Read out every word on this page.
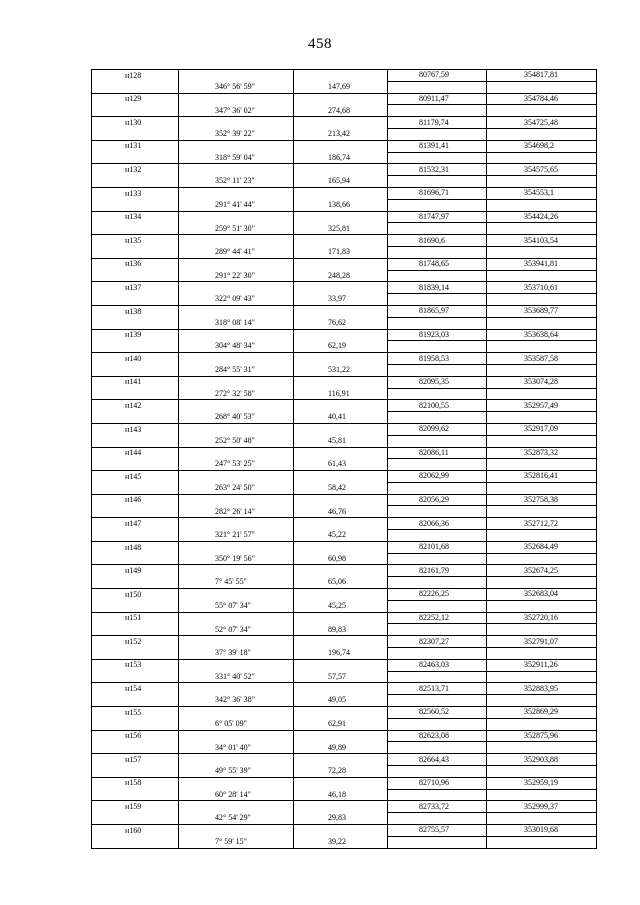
458
н128			80767,59	354817,81
	346° 56' 59"	147,69		
н129			80911,47	354784,46
	347° 36' 02"	274,68		
н130			81179,74	354725,48
	352° 39' 22"	213,42		
н131			81391,41	354698,2
	318° 59' 04"	186,74		
н132			81532,31	354575,65
	352° 11' 23"	165,94		
н133			81696,71	354553,1
	291° 41' 44"	138,66		
н134			81747,97	354424,26
	259° 51' 30"	325,81		
н135			81690,6	354103,54
	289° 44' 41"	171,83		
н136			81748,65	353941,81
	291° 22' 30"	248,28		
н137			81839,14	353710,61
	322° 09' 43"	33,97		
н138			81865,97	353689,77
	318° 08' 14"	76,62		
н139			81923,03	353638,64
	304° 48' 34"	62,19		
н140			81958,53	353587,58
	284° 55' 31"	531,22		
н141			82095,35	353074,28
	272° 32' 58"	116,91		
н142			82100,55	352957,49
	268° 40' 53"	40,41		
н143			82099,62	352917,09
	252° 50' 48"	45,81		
н144			82086,11	352873,32
	247° 53' 25"	61,43		
н145			82062,99	352816,41
	263° 24' 50"	58,42		
н146			82056,29	352758,38
	282° 26' 14"	46,76		
н147			82066,36	352712,72
	321° 21' 57"	45,22		
н148			82101,68	352684,49
	350° 19' 56"	60,98		
н149			82161,79	352674,25
	7° 45' 55"	65,06		
н150			82226,25	352683,04
	55° 07' 34"	45,25		
н151			82252,12	352720,16
	52° 07' 34"	89,83		
н152			82307,27	352791,07
	37° 39' 18"	196,74		
н153			82463,03	352911,26
	331° 40' 52"	57,57		
н154			82513,71	352883,95
	342° 36' 38"	49,05		
н155			82560,52	352869,29
	6° 05' 09"	62,91		
н156			82623,08	352875,96
	34° 01' 40"	49,89		
н157			82664,43	352903,88
	49° 55' 39"	72,28		
н158			82710,96	352959,19
	60° 28' 14"	46,18		
н159			82733,72	352999,37
	42° 54' 29"	29,83		
н160			82755,57	353019,68
	7° 59' 15"	39,22		
